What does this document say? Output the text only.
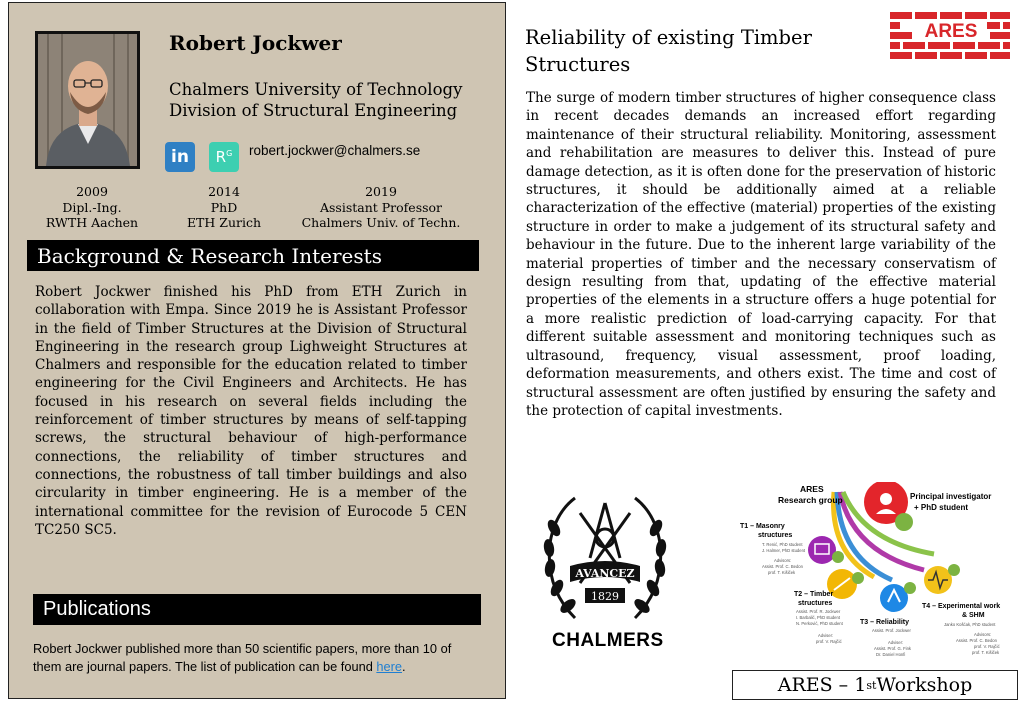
Robert Jockwer
Chalmers University of Technology
Division of Structural Engineering
in $R^G$ robert.jockwer@chalmers.se
2009
Dipl.-Ing.
RWTH Aachen
2014
PhD
ETH Zurich
2019
Assistant Professor
Chalmers Univ. of Techn.
Background & Research Interests
Robert Jockwer finished his PhD from ETH Zurich in collaboration with Empa. Since 2019 he is Assistant Professor in the field of Timber Structures at the Division of Structural Engineering in the research group Lighweight Structures at Chalmers and responsible for the education related to timber engineering for the Civil Engineers and Architects. He has focused in his research on several fields including the reinforcement of timber structures by means of self-tapping screws, the structural behaviour of high-performance connections, the reliability of timber structures and connections, the robustness of tall timber buildings and also circularity in timber engineering. He is a member of the international committee for the revision of Eurocode 5 CEN TC250 SC5.
Publications
Robert Jockwer published more than 50 scientific papers, more than 10 of them are journal papers. The list of publication can be found here.
Reliability of existing Timber Structures
ARES
The surge of modern timber structures of higher consequence class in recent decades demands an increased effort regarding maintenance of their structural reliability. Monitoring, assessment and rehabilitation are measures to deliver this. Instead of pure damage detection, as it is often done for the preservation of historic structures, it should be additionally aimed at a reliable characterization of the effective (material) properties of the existing structure in order to make a judgement of its structural safety and behaviour in the future. Due to the inherent large variability of the material properties of timber and the necessary conservatism of design resulting from that, updating of the effective material properties of the elements in a structure offers a huge potential for a more realistic prediction of load-carrying capacity. For that different suitable assessment and monitoring techniques such as ultrasound, frequency, visual assessment, proof loading, deformation measurements, and others exist. The time and cost of structural assessment are often justified by ensuring the safety and the protection of capital investments.
AVANCEZ
1829
CHALMERS
ARES
Research group	Principal investigator
+ PhD student
T1 – Masonry
structures
T. Renić, PhD student
J. Halmer, PhD student
Advisors:
Assist. Prof. C. Bedon
prof. T. Kišiček
T2 – Timber
structures
Assist. Prof. R. Jockwer
I. Barbalić, PhD student
N. Perković, PhD student
Adviser:
prof. V. Rajčić
T3 – Reliability
Assist. Prof. Jockwer
Adviser:
Assist. Prof. G. Fink
Dr. Daniel Honfi
T4 – Experimental work
& SHM
Janko Košćak, PhD student
Advisors:
Assist. Prof. C. Bedon
prof. V. Rajčić
prof. T. Kišiček
ARES – 1 st Workshop
